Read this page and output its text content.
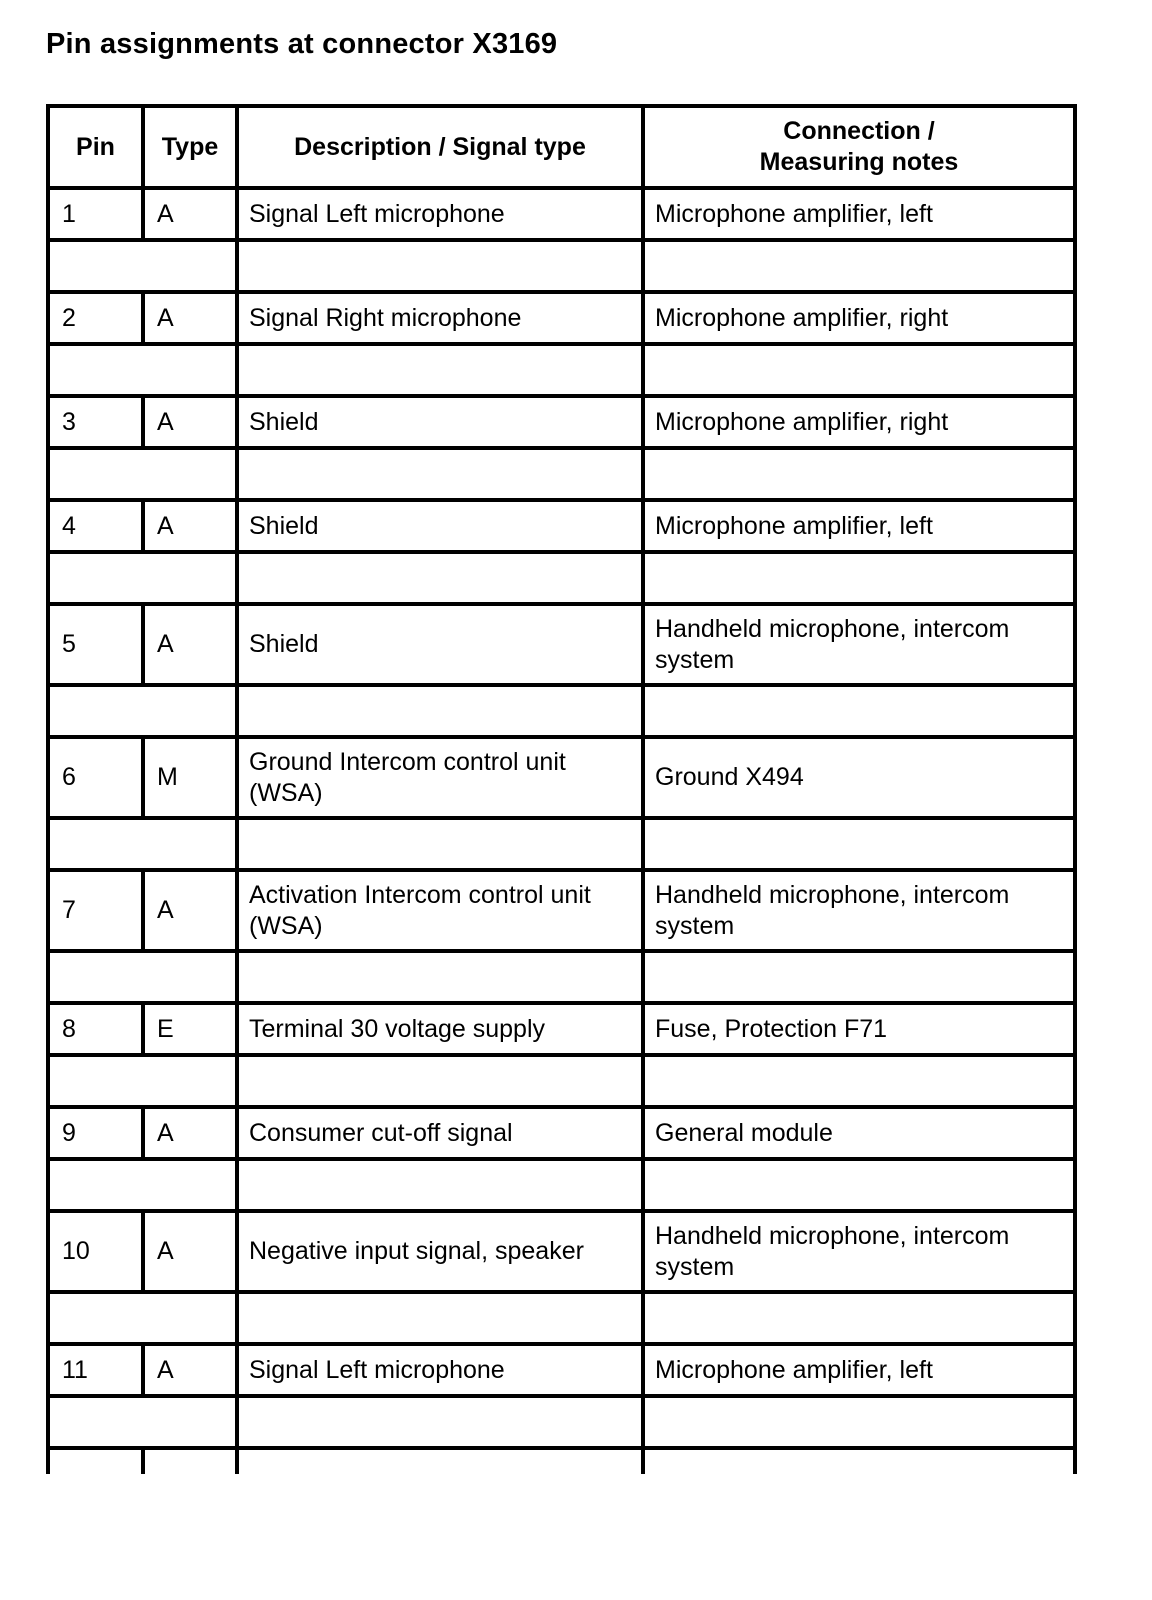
Pin assignments at connector X3169
Pin	Type	Description / Signal type	Connection /
Measuring notes

1	A	Signal Left microphone	Microphone amplifier, left

2	A	Signal Right microphone	Microphone amplifier, right

3	A	Shield	Microphone amplifier, right

4	A	Shield	Microphone amplifier, left

5	A	Shield	Handheld microphone, intercom system

6	M	Ground Intercom control unit (WSA)	Ground X494

7	A	Activation Intercom control unit (WSA)	Handheld microphone, intercom system

8	E	Terminal 30 voltage supply	Fuse, Protection F71

9	A	Consumer cut-off signal	General module

10	A	Negative input signal, speaker	Handheld microphone, intercom system

11	A	Signal Left microphone	Microphone amplifier, left
